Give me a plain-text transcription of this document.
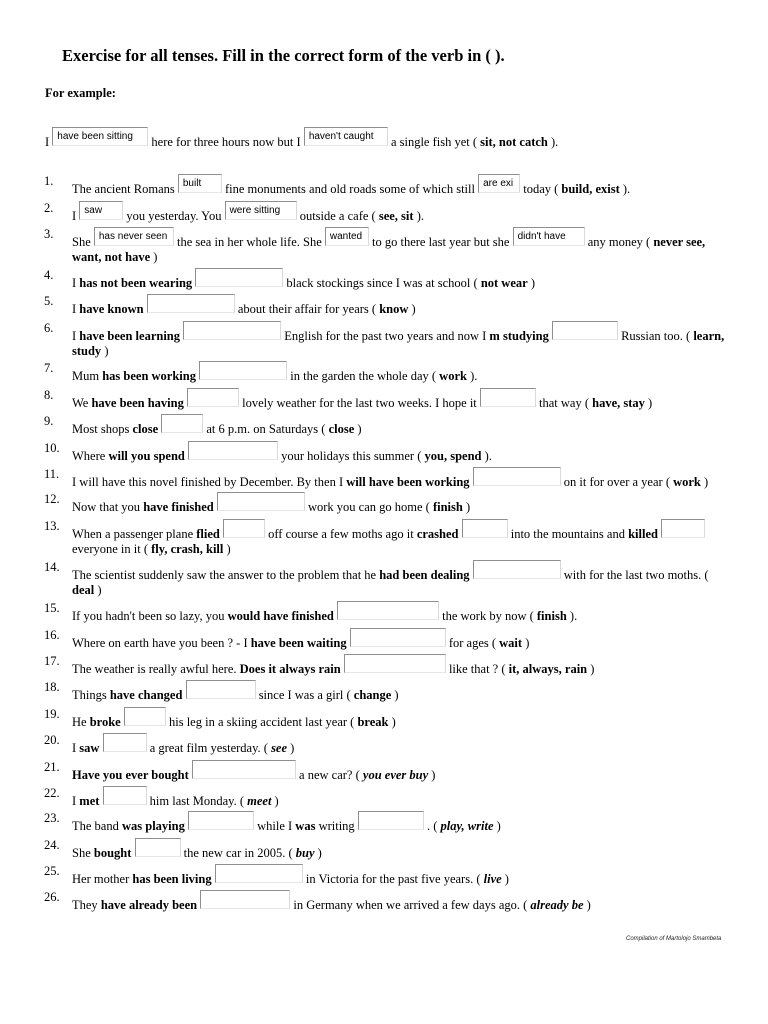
Exercise for all tenses. Fill in the correct form of the verb in ( ).
For example:
I have been sitting here for three hours now but I haven't caught a single fish yet ( sit, not catch ).
1.
The ancient Romans built fine monuments and old roads some of which still are exi today ( build, exist ).
2.
I saw you yesterday. You were sitting outside a cafe ( see, sit ).
3.
She has never seen the sea in her whole life. She wanted to go there last year but she didn't have any money ( never see, want, not have )
4.
I has not been wearing	black stockings since I was at school ( not wear )
5.
I have known	about their affair for years ( know )
6.
I have been learning	English for the past two years and now I m studying	Russian too. ( learn, study )
7.
Mum has been working	in the garden the whole day ( work ).
8.
We have been having	lovely weather for the last two weeks. I hope it	that way ( have, stay )
9.
Most shops close	at 6 p.m. on Saturdays ( close )
10.
Where will you spend	your holidays this summer ( you, spend ).
11.
I will have this novel finished by December. By then I will have been working	on it for over a year ( work )
12.
Now that you have finished	work you can go home ( finish )
13.
When a passenger plane flied	off course a few moths ago it crashed	into the mountains and killed
everyone in it ( fly, crash, kill )
14.
The scientist suddenly saw the answer to the problem that he had been dealing	with for the last two moths. ( deal )
15.
If you hadn't been so lazy, you would have finished	the work by now ( finish ).
16.
Where on earth have you been ? - I have been waiting	for ages ( wait )
17.
The weather is really awful here. Does it always rain	like that ? ( it, always, rain )
18.
Things have changed	since I was a girl ( change )
19.
He broke	his leg in a skiing accident last year ( break )
20.
I saw	a great film yesterday. ( see )
21.
Have you ever bought	a new car? ( you ever buy )
22.
I met	him last Monday. ( meet )
23.
The band was playing	while I was writing	. ( play, write )
24.
She bought	the new car in 2005. ( buy )
25.
Her mother has been living	in Victoria for the past five years. ( live )
26.
They have already been	in Germany when we arrived a few days ago. ( already be )
Compilation of Martolojo Smambeta
